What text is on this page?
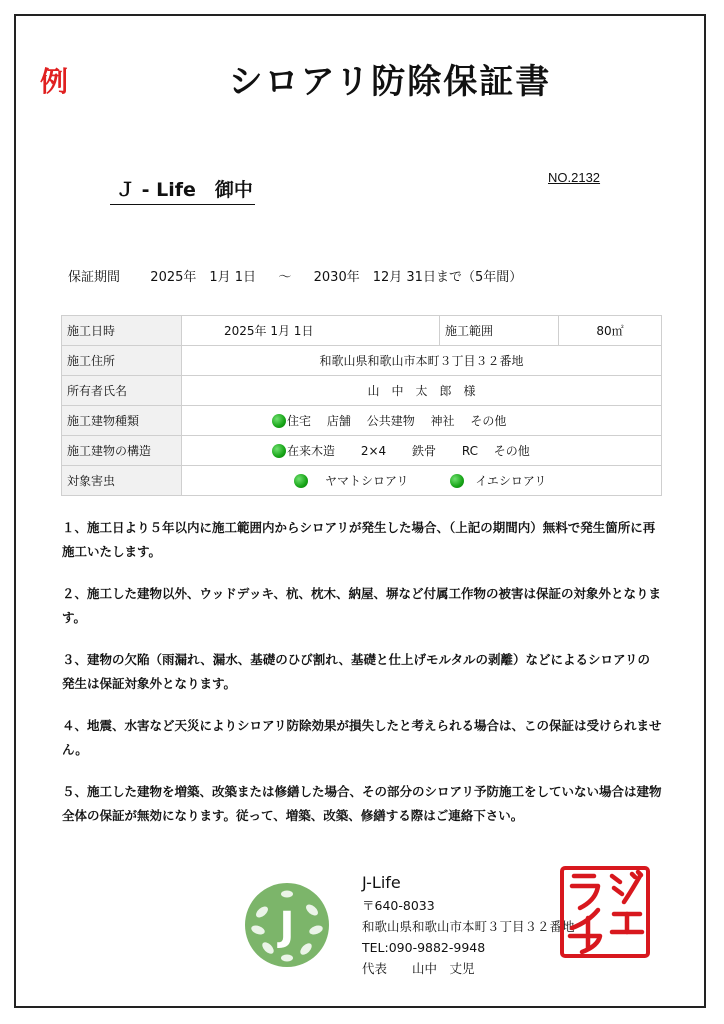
例	シロアリ防除保証書
Ｊ - Life　御中
NO.2132
保証期間 2025年　1月 1日 ～ 2030年　12月 31日まで（5年間）
施工日時	2025年 1月 1日	施工範囲	80㎡
施工住所	和歌山県和歌山市本町３丁目３２番地		
所有者氏名	山　中　太　郎　様		
施工建物種類	住宅 店舗 公共建物 神社 その他		
施工建物の構造	在来木造 2×4 鉄骨 RC その他		
対象害虫	ヤマトシロアリ イエシロアリ		

１、施工日より５年以内に施工範囲内からシロアリが発生した場合、（上記の期間内）無料で発生箇所に再施工いたします。

２、施工した建物以外、ウッドデッキ、杭、枕木、納屋、塀など付属工作物の被害は保証の対象外となります。

３、建物の欠陥（雨漏れ、漏水、基礎のひび割れ、基礎と仕上げモルタルの剥離）などによるシロアリの発生は保証対象外となります。

４、地震、水害など天災によりシロアリ防除効果が損失したと考えられる場合は、この保証は受けられません。

５、施工した建物を増築、改築または修繕した場合、その部分のシロアリ予防施工をしていない場合は建物全体の保証が無効になります。従って、増築、改築、修繕する際はご連絡下さい。

J
J-Life
〒640-8033
和歌山県和歌山市本町３丁目３２番地
TEL:090-9882-9948
代表　　山中　丈児
